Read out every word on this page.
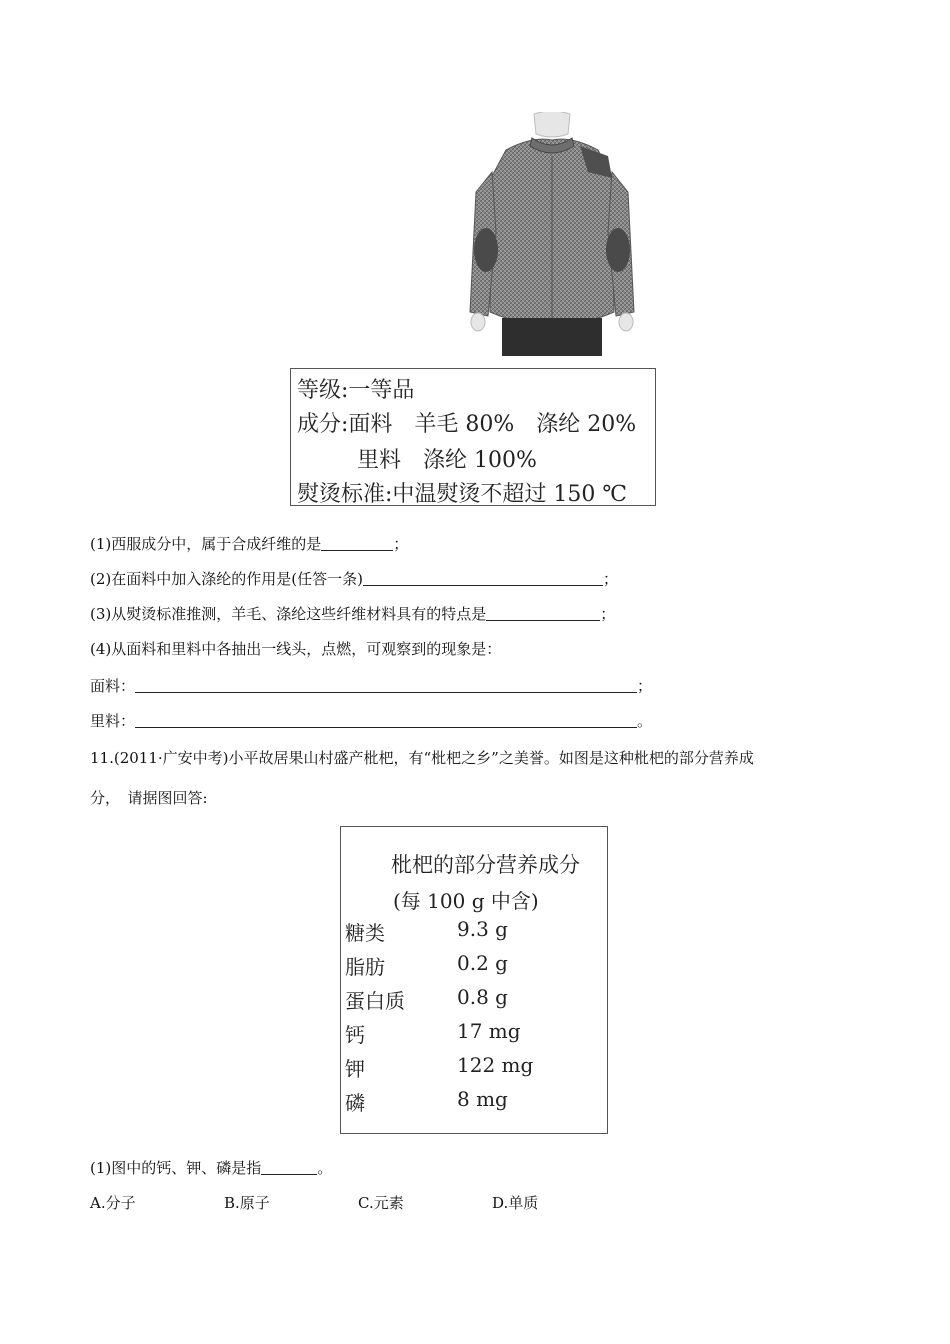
等级:一等品
成分:面料　羊毛 80%　涤纶 20%
里料　涤纶 100%
熨烫标准:中温熨烫不超过 150 ℃
(1)西服成分中，属于合成纤维的是	；
(2)在面料中加入涤纶的作用是(任答一条)	；
(3)从熨烫标准推测，羊毛、涤纶这些纤维材料具有的特点是	；
(4)从面料和里料中各抽出一线头，点燃，可观察到的现象是：
面料：	；
里料：	。
11.(2011·广安中考)小平故居果山村盛产枇杷，有“枇杷之乡”之美誉。如图是这种枇杷的部分营养成
分，　请据图回答:
枇杷的部分营养成分
(每 100 g 中含)
糖类	9.3 g
脂肪	0.2 g
蛋白质	0.8 g
钙	17 mg
钾	122 mg
磷	8 mg
(1)图中的钙、钾、磷是指	。
A.分子	B.原子	C.元素	D.单质
